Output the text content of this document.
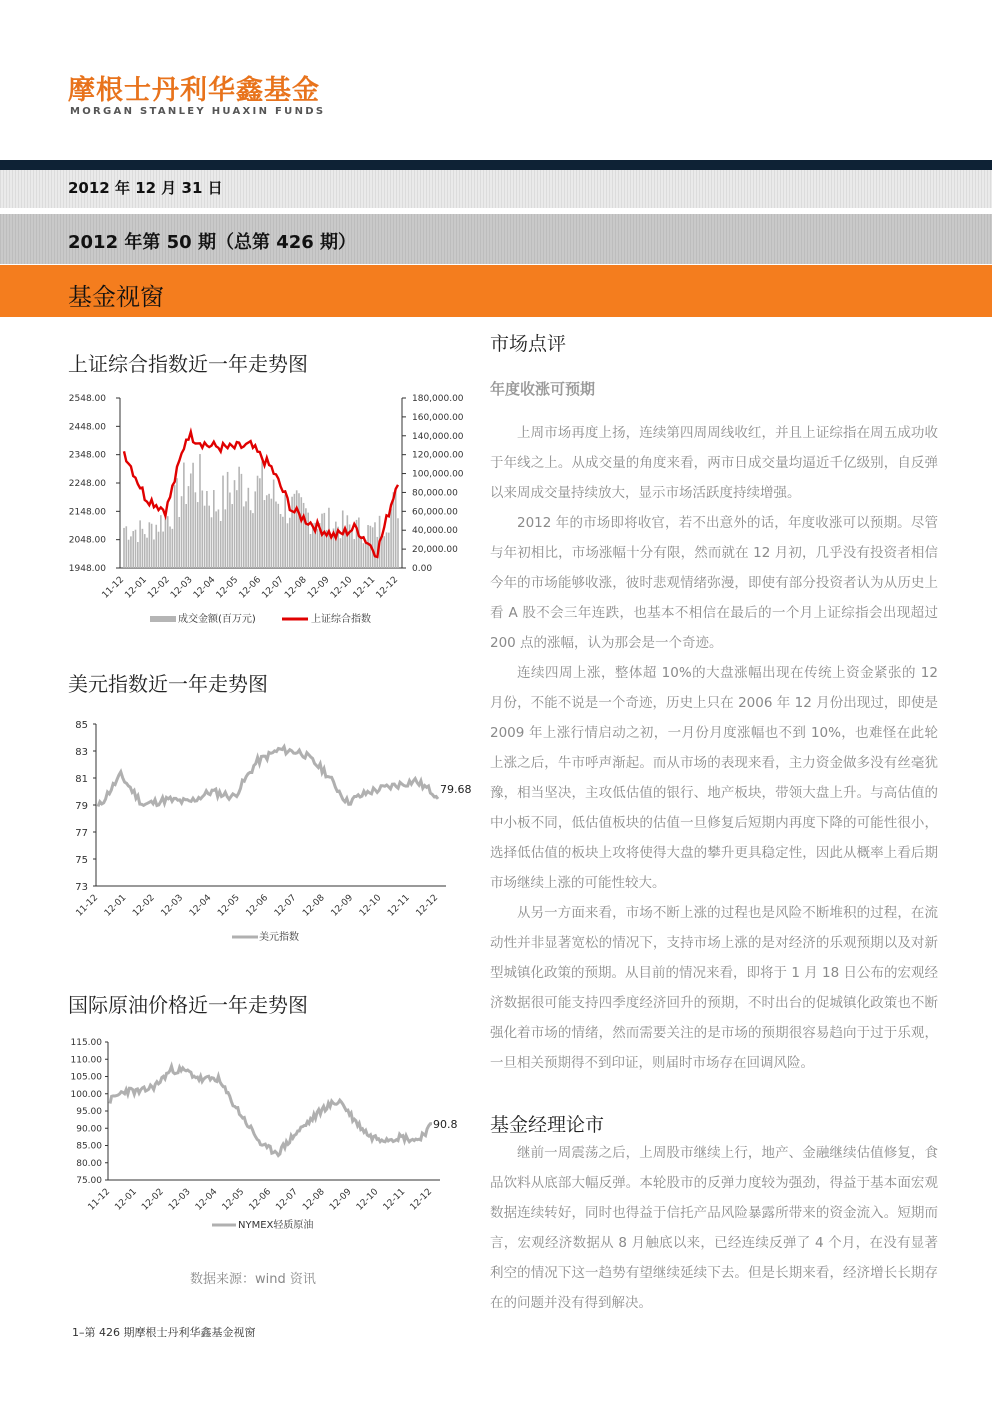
摩根士丹利华鑫基金
MORGAN STANLEY HUAXIN FUNDS
2012 年 12 月 31 日
2012 年第 50 期（总第 426 期）
基金视窗
上证综合指数近一年走势图
2548.00
2448.00
2348.00
2248.00
2148.00
2048.00
1948.00
180,000.00
160,000.00
140,000.00
120,000.00
100,000.00
80,000.00
60,000.00
40,000.00
20,000.00
0.00
11-12
12-01
12-02
12-03
12-04
12-05
12-06
12-07
12-08
12-09
12-10
12-11
12-12
成交金额(百万元)	上证综合指数
美元指数近一年走势图
85
83
81
79
77
75
73
79.68
11-12 12-01 12-02 12-03 12-04 12-05 12-06 12-07 12-08 12-09 12-10 12-11 12-12
美元指数
国际原油价格近一年走势图
115.00
110.00
105.00
100.00
95.00
90.00
85.00
80.00
75.00
90.8
11-12 12-01 12-02 12-03 12-04 12-05 12-06 12-07 12-08 12-09 12-10 12-11 12-12
NYMEX轻质原油
数据来源：wind 资讯
1–第 426 期摩根士丹利华鑫基金视窗
市场点评
年度收涨可预期

上周市场再度上扬，连续第四周周线收红，并且上证综指在周五成功收于年线之上。从成交量的角度来看，两市日成交量均逼近千亿级别，自反弹以来周成交量持续放大，显示市场活跃度持续增强。

2012 年的市场即将收官，若不出意外的话，年度收涨可以预期。尽管与年初相比，市场涨幅十分有限，然而就在 12 月初，几乎没有投资者相信今年的市场能够收涨，彼时悲观情绪弥漫，即使有部分投资者认为从历史上看 A 股不会三年连跌，也基本不相信在最后的一个月上证综指会出现超过 200 点的涨幅，认为那会是一个奇迹。

连续四周上涨，整体超 10%的大盘涨幅出现在传统上资金紧张的 12 月份，不能不说是一个奇迹，历史上只在 2006 年 12 月份出现过，即使是 2009 年上涨行情启动之初，一月份月度涨幅也不到 10%，也难怪在此轮上涨之后，牛市呼声渐起。而从市场的表现来看，主力资金做多没有丝毫犹豫，相当坚决，主攻低估值的银行、地产板块，带领大盘上升。与高估值的中小板不同，低估值板块的估值一旦修复后短期内再度下降的可能性很小，选择低估值的板块上攻将使得大盘的攀升更具稳定性，因此从概率上看后期市场继续上涨的可能性较大。

从另一方面来看，市场不断上涨的过程也是风险不断堆积的过程，在流动性并非显著宽松的情况下，支持市场上涨的是对经济的乐观预期以及对新型城镇化政策的预期。从目前的情况来看，即将于 1 月 18 日公布的宏观经济数据很可能支持四季度经济回升的预期，不时出台的促城镇化政策也不断强化着市场的情绪，然而需要关注的是市场的预期很容易趋向于过于乐观，一旦相关预期得不到印证，则届时市场存在回调风险。

基金经理论市

继前一周震荡之后，上周股市继续上行，地产、金融继续估值修复，食品饮料从底部大幅反弹。本轮股市的反弹力度较为强劲，得益于基本面宏观数据连续转好，同时也得益于信托产品风险暴露所带来的资金流入。短期而言，宏观经济数据从 8 月触底以来，已经连续反弹了 4 个月，在没有显著利空的情况下这一趋势有望继续延续下去。但是长期来看，经济增长长期存在的问题并没有得到解决。
